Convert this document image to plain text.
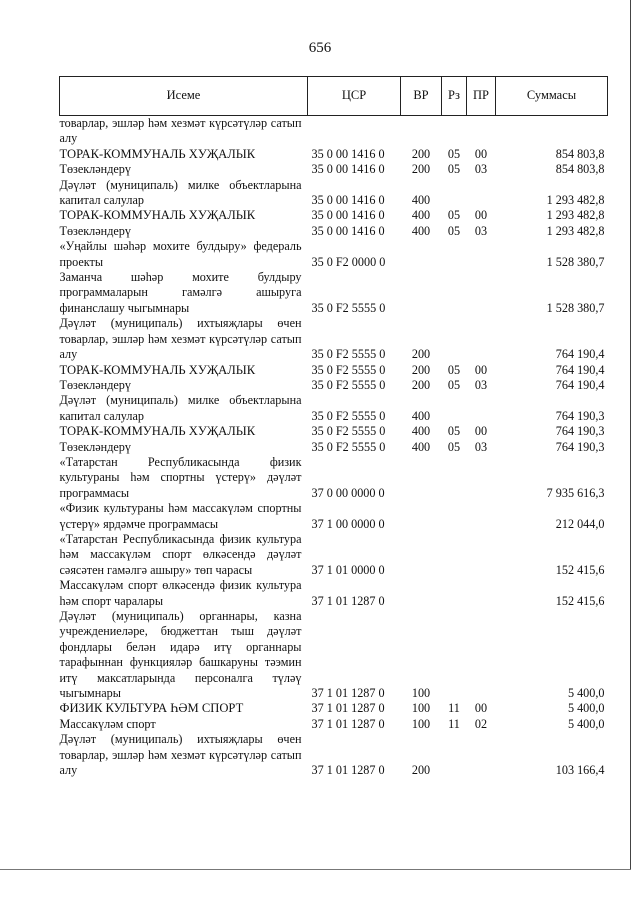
656
Исеме	ЦСР	ВР	Рз	ПР	Суммасы
товарлар, эшләр һәм хезмәт күрсәтүләр сатып алу					
ТОРАК-КОММУНАЛЬ ХУҖАЛЫК	35 0 00 1416 0	200	05	00	854 803,8
Төзекләндерү	35 0 00 1416 0	200	05	03	854 803,8
Дәүләт (муниципаль) милке объектларына капитал салулар	35 0 00 1416 0	400			1 293 482,8
ТОРАК-КОММУНАЛЬ ХУҖАЛЫК	35 0 00 1416 0	400	05	00	1 293 482,8
Төзекләндерү	35 0 00 1416 0	400	05	03	1 293 482,8
«Уңайлы шәһәр мохите булдыру» федераль проекты	35 0 F2 0000 0				1 528 380,7
Заманча шәһәр мохите булдыру программаларын гамәлгә ашыруга финанслашу чыгымнары	35 0 F2 5555 0				1 528 380,7
Дәүләт (муниципаль) ихтыяҗлары өчен товарлар, эшләр һәм хезмәт күрсәтүләр сатып алу	35 0 F2 5555 0	200			764 190,4
ТОРАК-КОММУНАЛЬ ХУҖАЛЫК	35 0 F2 5555 0	200	05	00	764 190,4
Төзекләндерү	35 0 F2 5555 0	200	05	03	764 190,4
Дәүләт (муниципаль) милке объектларына капитал салулар	35 0 F2 5555 0	400			764 190,3
ТОРАК-КОММУНАЛЬ ХУҖАЛЫК	35 0 F2 5555 0	400	05	00	764 190,3
Төзекләндерү	35 0 F2 5555 0	400	05	03	764 190,3
«Татарстан Республикасында физик культураны һәм спортны үстерү» дәүләт программасы	37 0 00 0000 0				7 935 616,3
«Физик культураны һәм массакүләм спортны үстерү» ярдәмче программасы	37 1 00 0000 0				212 044,0
«Татарстан Республикасында физик культура һәм массакүләм спорт өлкәсендә дәүләт сәясәтен гамәлгә ашыру» төп чарасы	37 1 01 0000 0				152 415,6
Массакүләм спорт өлкәсендә физик культура һәм спорт чаралары	37 1 01 1287 0				152 415,6
Дәүләт (муниципаль) органнары, казна учреждениеләре, бюджеттан тыш дәүләт фондлары белән идарә итү органнары тарафыннан функцияләр башкаруны тәэмин итү максатларында персоналга түләү чыгымнары	37 1 01 1287 0	100			5 400,0
ФИЗИК КУЛЬТУРА ҺӘМ СПОРТ	37 1 01 1287 0	100	11	00	5 400,0
Массакүләм спорт	37 1 01 1287 0	100	11	02	5 400,0
Дәүләт (муниципаль) ихтыяҗлары өчен товарлар, эшләр һәм хезмәт күрсәтүләр сатып алу	37 1 01 1287 0	200			103 166,4
